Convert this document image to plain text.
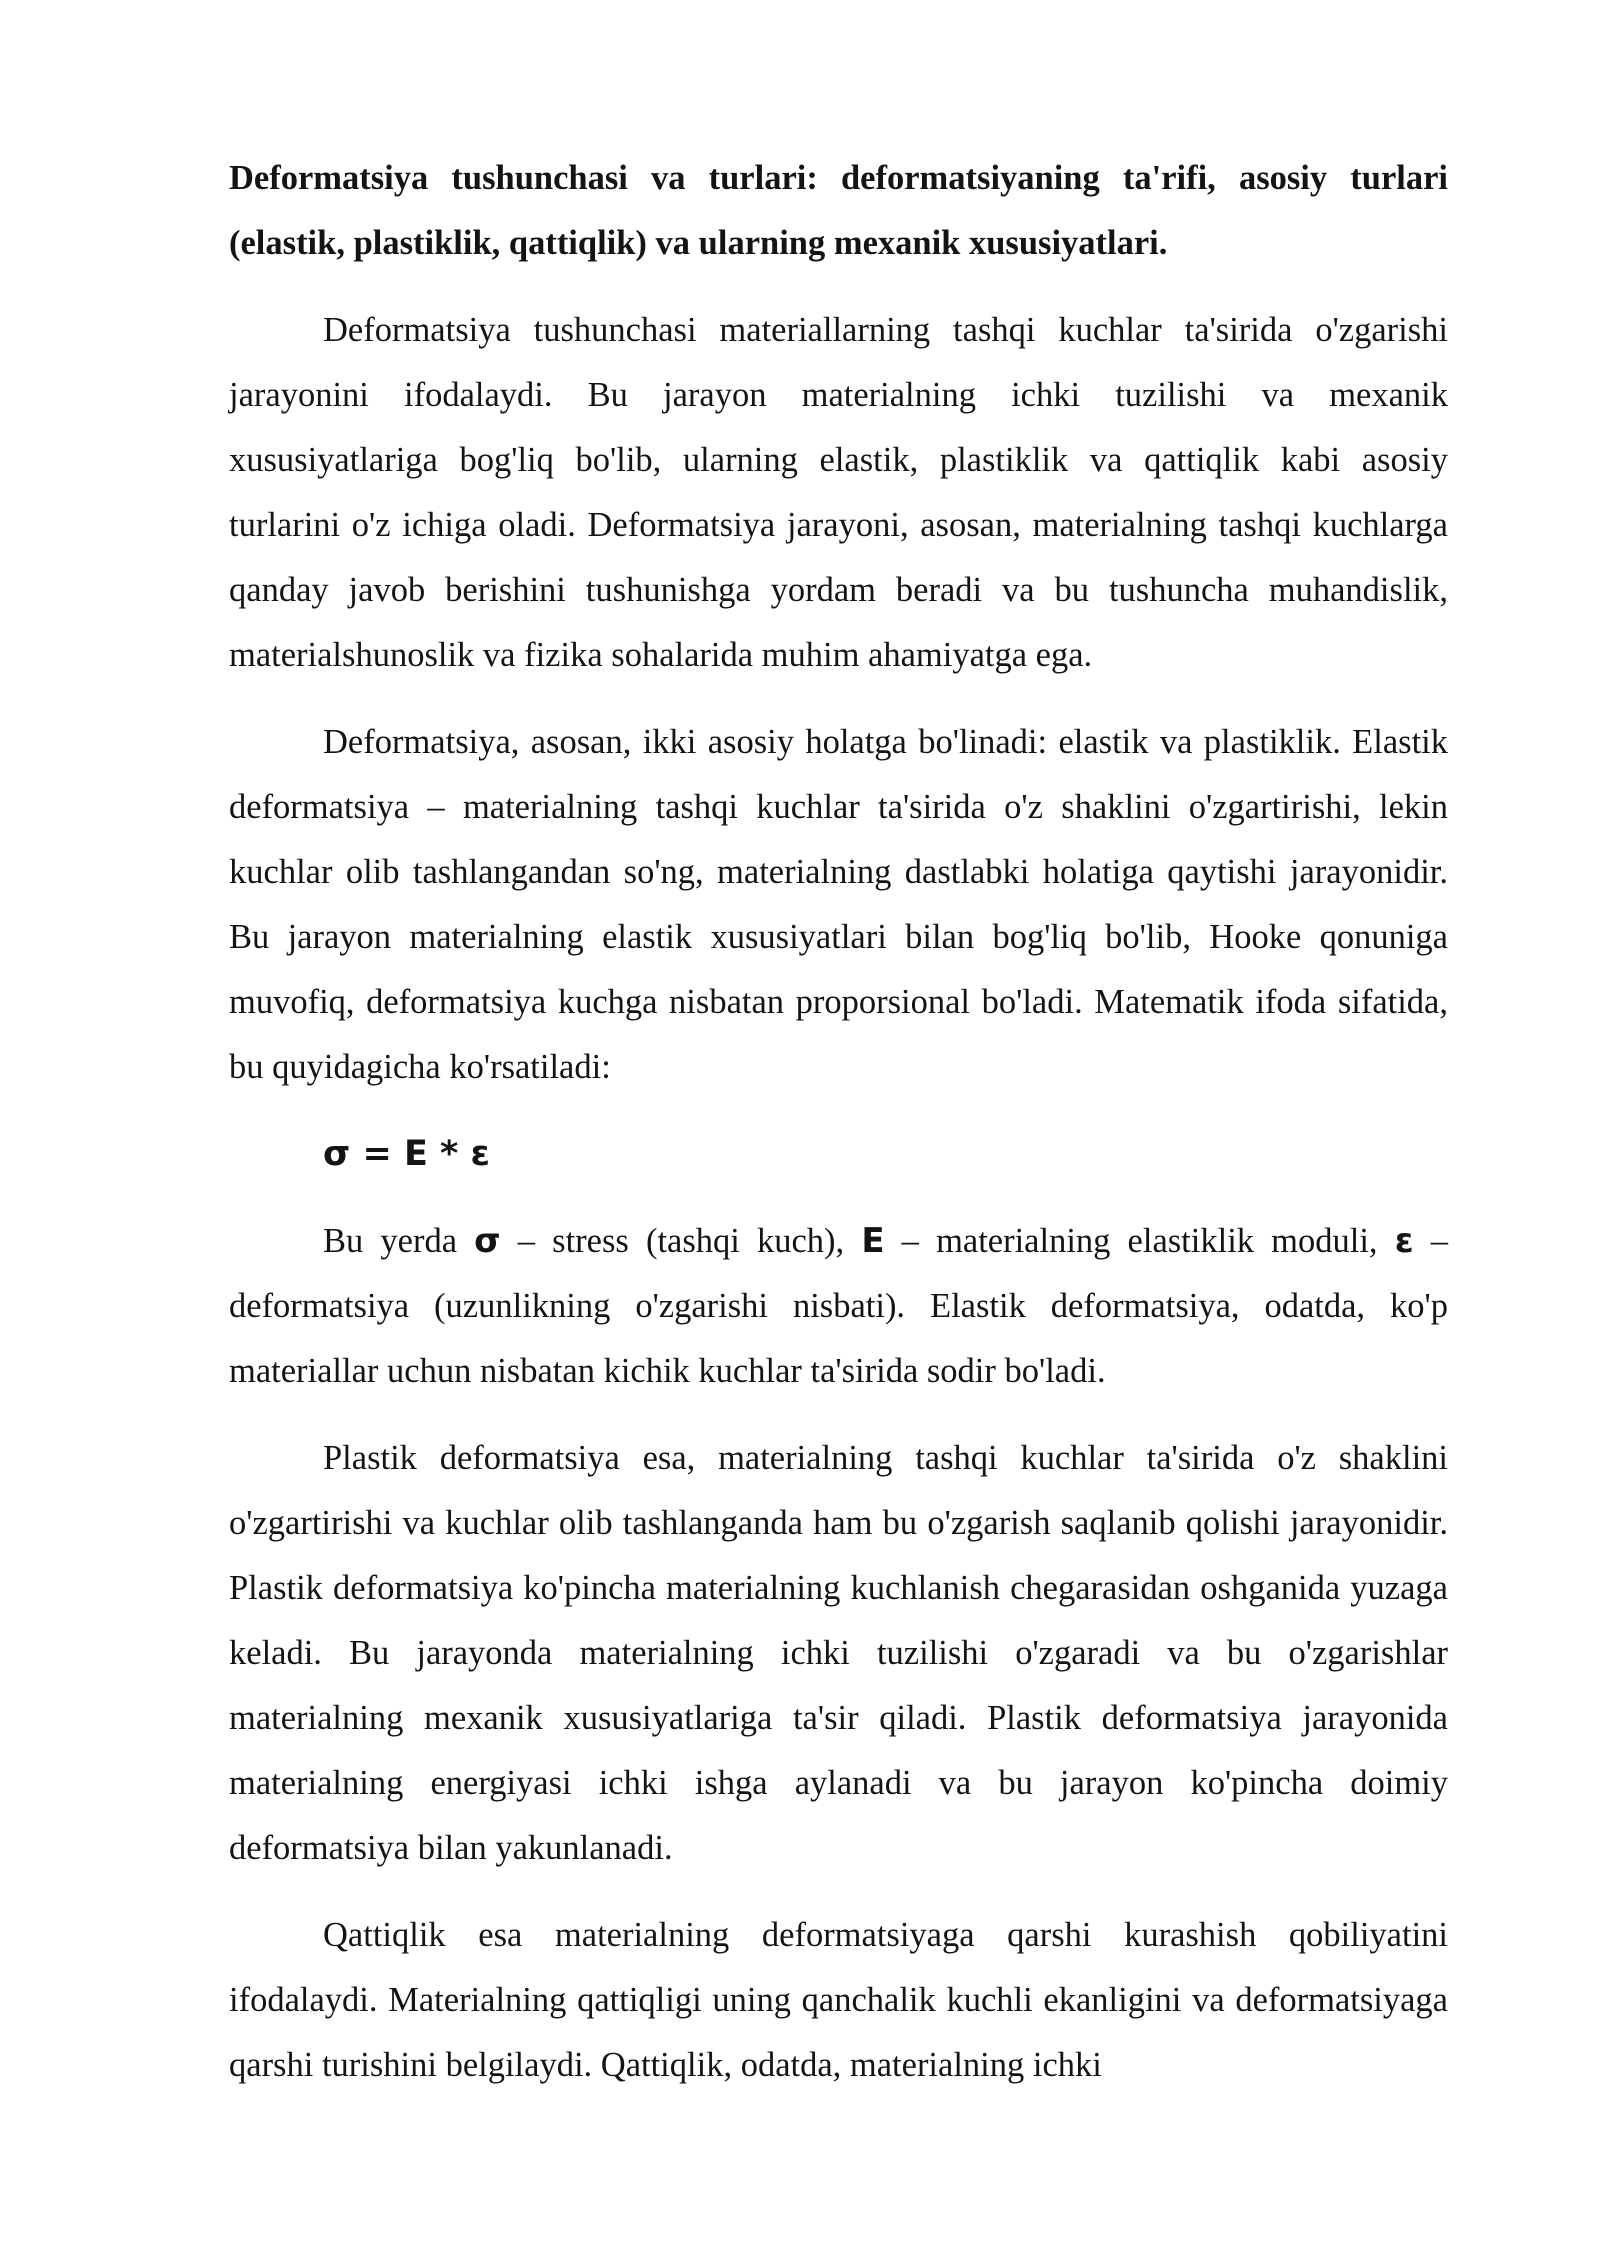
Deformatsiya tushunchasi va turlari: deformatsiyaning ta'rifi, asosiy turlari (elastik, plastiklik, qattiqlik) va ularning mexanik xususiyatlari.

Deformatsiya tushunchasi materiallarning tashqi kuchlar ta'sirida o'zgarishi jarayonini ifodalaydi. Bu jarayon materialning ichki tuzilishi va mexanik xususiyatlariga bog'liq bo'lib, ularning elastik, plastiklik va qattiqlik kabi asosiy turlarini o'z ichiga oladi. Deformatsiya jarayoni, asosan, materialning tashqi kuchlarga qanday javob berishini tushunishga yordam beradi va bu tushuncha muhandislik, materialshunoslik va fizika sohalarida muhim ahamiyatga ega.

Deformatsiya, asosan, ikki asosiy holatga bo'linadi: elastik va plastiklik. Elastik deformatsiya – materialning tashqi kuchlar ta'sirida o'z shaklini o'zgartirishi, lekin kuchlar olib tashlangandan so'ng, materialning dastlabki holatiga qaytishi jarayonidir. Bu jarayon materialning elastik xususiyatlari bilan bog'liq bo'lib, Hooke qonuniga muvofiq, deformatsiya kuchga nisbatan proporsional bo'ladi. Matematik ifoda sifatida, bu quyidagicha ko'rsatiladi:

σ = E * ε

Bu yerda σ – stress (tashqi kuch), E – materialning elastiklik moduli, ε – deformatsiya (uzunlikning o'zgarishi nisbati). Elastik deformatsiya, odatda, ko'p materiallar uchun nisbatan kichik kuchlar ta'sirida sodir bo'ladi.

Plastik deformatsiya esa, materialning tashqi kuchlar ta'sirida o'z shaklini o'zgartirishi va kuchlar olib tashlanganda ham bu o'zgarish saqlanib qolishi jarayonidir. Plastik deformatsiya ko'pincha materialning kuchlanish chegarasidan oshganida yuzaga keladi. Bu jarayonda materialning ichki tuzilishi o'zgaradi va bu o'zgarishlar materialning mexanik xususiyatlariga ta'sir qiladi. Plastik deformatsiya jarayonida materialning energiyasi ichki ishga aylanadi va bu jarayon ko'pincha doimiy deformatsiya bilan yakunlanadi.

Qattiqlik esa materialning deformatsiyaga qarshi kurashish qobiliyatini ifodalaydi. Materialning qattiqligi uning qanchalik kuchli ekanligini va deformatsiyaga qarshi turishini belgilaydi. Qattiqlik, odatda, materialning ichki
